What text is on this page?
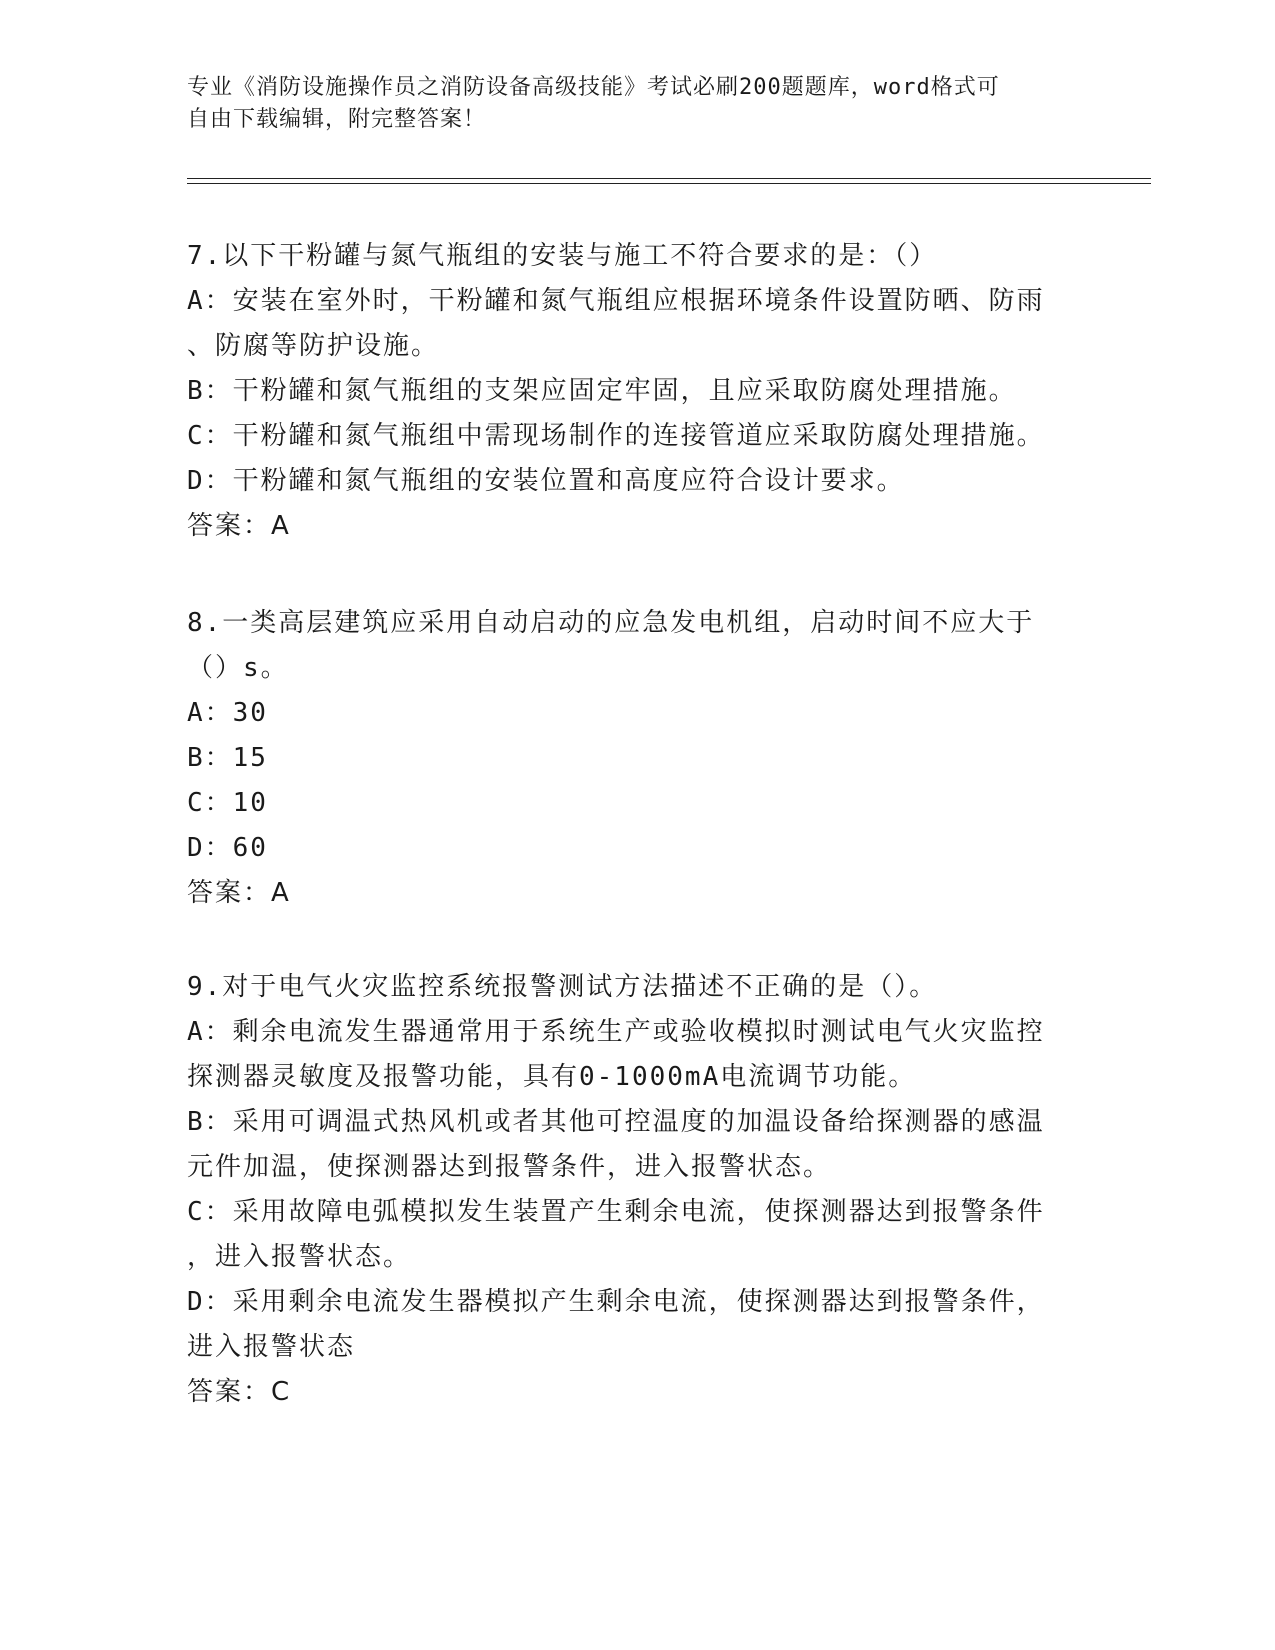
专业《消防设施操作员之消防设备高级技能》考试必刷200题题库，word格式可
自由下载编辑，附完整答案！
7.以下干粉罐与氮气瓶组的安装与施工不符合要求的是：（）
A：安装在室外时，干粉罐和氮气瓶组应根据环境条件设置防晒、防雨
、防腐等防护设施。
B：干粉罐和氮气瓶组的支架应固定牢固，且应采取防腐处理措施。
C：干粉罐和氮气瓶组中需现场制作的连接管道应采取防腐处理措施。
D：干粉罐和氮气瓶组的安装位置和高度应符合设计要求。
答案：A
8.一类高层建筑应采用自动启动的应急发电机组，启动时间不应大于
（）s。
A：30
B：15
C：10
D：60
答案：A
9.对于电气火灾监控系统报警测试方法描述不正确的是（）。
A：剩余电流发生器通常用于系统生产或验收模拟时测试电气火灾监控
探测器灵敏度及报警功能，具有0-1000mA电流调节功能。
B：采用可调温式热风机或者其他可控温度的加温设备给探测器的感温
元件加温，使探测器达到报警条件，进入报警状态。
C：采用故障电弧模拟发生装置产生剩余电流，使探测器达到报警条件
，进入报警状态。
D：采用剩余电流发生器模拟产生剩余电流，使探测器达到报警条件，
进入报警状态
答案：C
